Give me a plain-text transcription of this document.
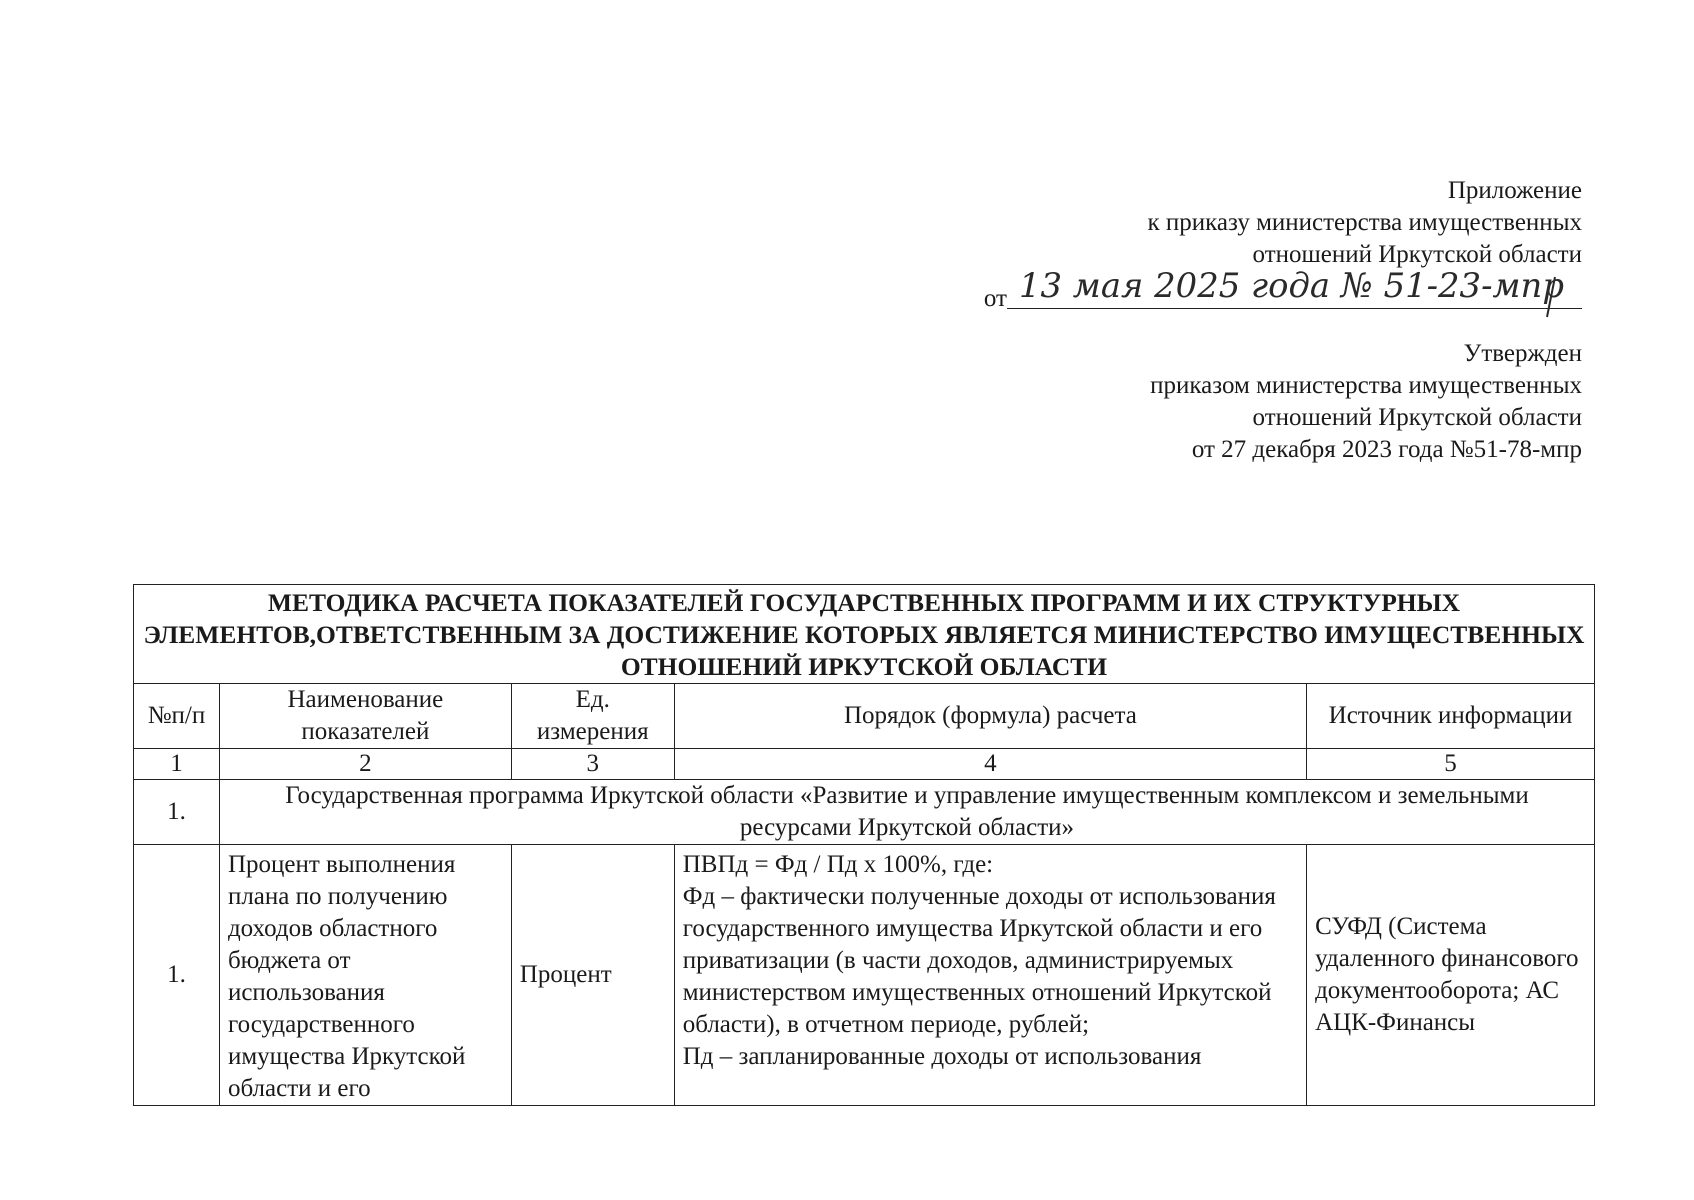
Приложение
к приказу министерства имущественных
отношений Иркутской области
от 13 мая 2025 года № 51-23-мпр
Утвержден
приказом министерства имущественных
отношений Иркутской области
от 27 декабря 2023 года №51-78-мпр
МЕТОДИКА РАСЧЕТА ПОКАЗАТЕЛЕЙ ГОСУДАРСТВЕННЫХ ПРОГРАММ И ИХ СТРУКТУРНЫХ ЭЛЕМЕНТОВ,ОТВЕТСТВЕННЫМ ЗА ДОСТИЖЕНИЕ КОТОРЫХ ЯВЛЯЕТСЯ МИНИСТЕРСТВО ИМУЩЕСТВЕННЫХ ОТНОШЕНИЙ ИРКУТСКОЙ ОБЛАСТИ				
№п/п	Наименование показателей	Ед. измерения	Порядок (формула) расчета	Источник информации
1	2	3	4	5
1.	Государственная программа Иркутской области «Развитие и управление имущественным комплексом и земельными ресурсами Иркутской области»			
1.	Процент выполнения плана по получению доходов областного бюджета от использования государственного имущества Иркутской области и его	Процент	ПВПд = Фд / Пд х 100%, где:
Фд – фактически полученные доходы от использования государственного имущества Иркутской области и его приватизации (в части доходов, администрируемых министерством имущественных отношений Иркутской области), в отчетном периоде, рублей;
Пд – запланированные доходы от использования	СУФД (Системa удаленного финансового документооборота; АС АЦК-Финансы
